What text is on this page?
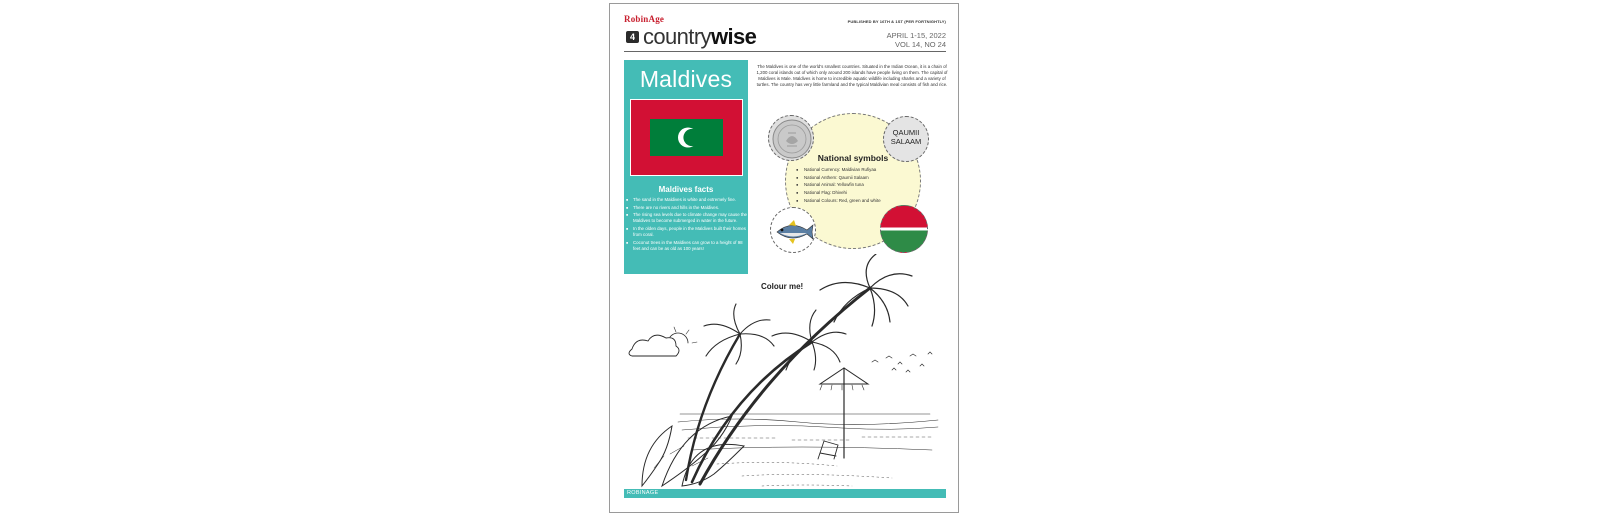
RobinAge	PUBLISHED BY 16TH & 1ST (PER FORTNIGHTLY)
4 countrywise	APRIL 1-15, 2022
VOL 14, NO 24
Maldives
Maldives facts
■ The sand in the Maldives is white and extremely fine.
■ There are no rivers and hills in the Maldives.
■ The rising sea levels due to climate change may cause the Maldives to become submerged in water in the future.
■ In the olden days, people in the Maldives built their homes from coral.
■ Coconut trees in the Maldives can grow to a height of 98 feet and can be as old as 100 years!

The Maldives is one of the world’s smallest countries. Situated in the Indian Ocean, it is a chain of 1,200 coral islands out of which only around 200 islands have people living on them. The capital of Maldives is Male. Maldives is home to incredible aquatic wildlife including sharks and a variety of turtles. The country has very little farmland and the typical Maldivian meal consists of fish and rice.

QAUMII
SALAAM
National symbols
● National Currency: Maldivian Rufiyaa
● National Anthem: Qaumii Salaam
● National Animal: Yellowfin tuna
● National Flag: Dhivehi
● National Colours: Red, green and white
Colour me!
ROBINAGE
